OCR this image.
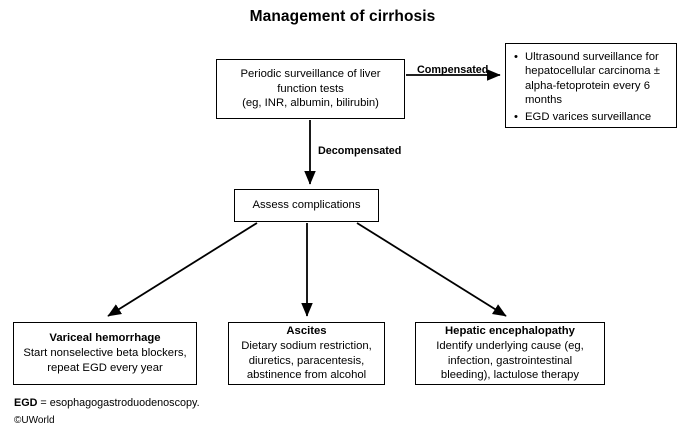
Management of cirrhosis
Periodic surveillance of liver
function tests
(eg, INR, albumin, bilirubin)
• Ultrasound surveillance for hepatocellular carcinoma ± alpha-fetoprotein every 6 months
• EGD varices surveillance
Assess complications
Variceal hemorrhage
Start nonselective beta blockers,
repeat EGD every year
Ascites
Dietary sodium restriction,
diuretics, paracentesis,
abstinence from alcohol
Hepatic encephalopathy
Identify underlying cause (eg,
infection, gastrointestinal
bleeding), lactulose therapy
Compensated
Decompensated
EGD = esophagogastroduodenoscopy.
©UWorld
